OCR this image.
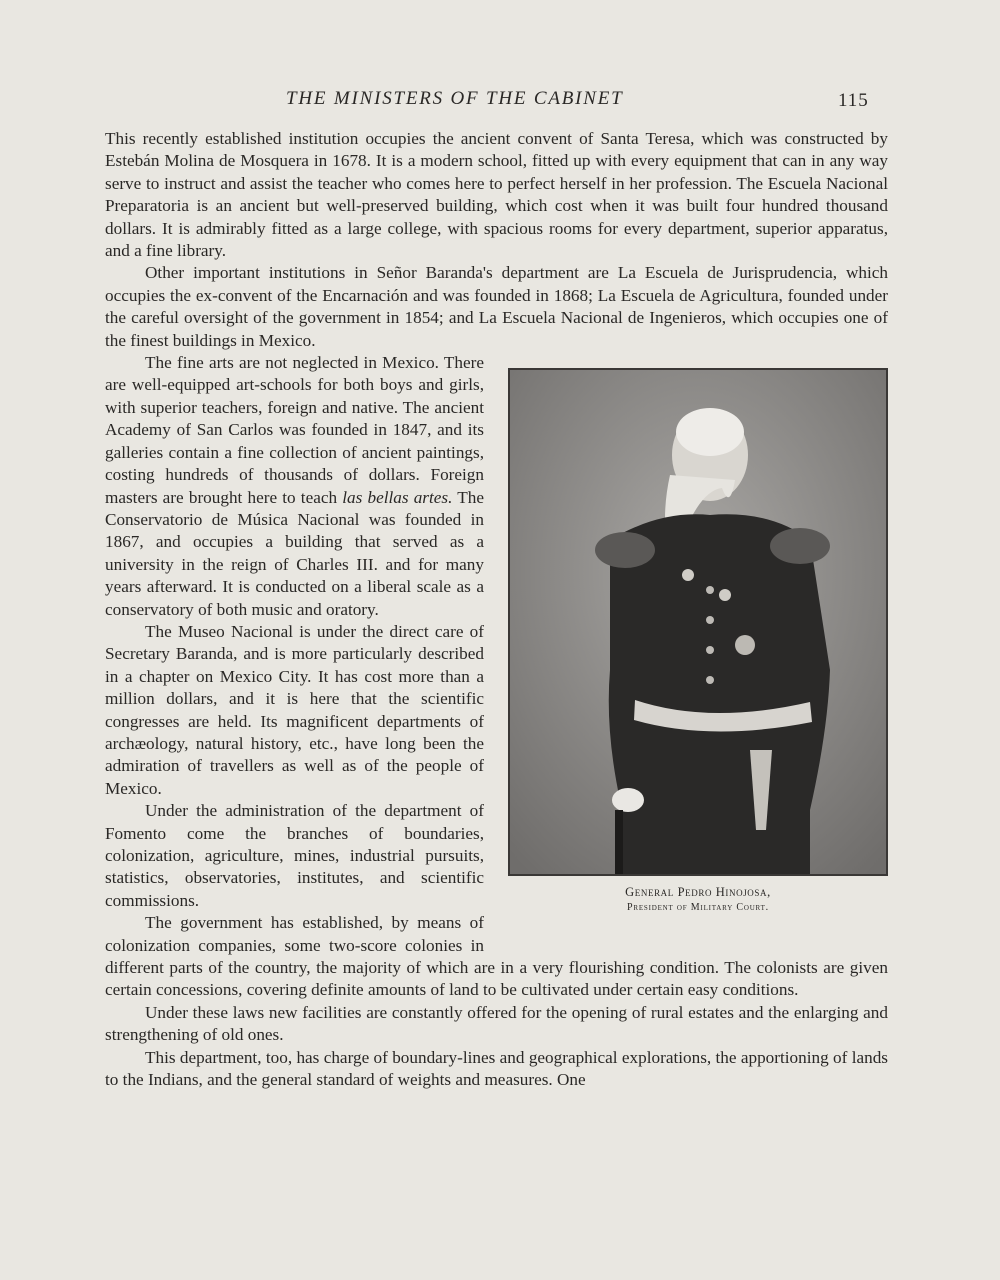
THE MINISTERS OF THE CABINET	115

This recently established institution occupies the ancient convent of Santa Teresa, which was constructed by Estebán Molina de Mosquera in 1678. It is a modern school, fitted up with every equipment that can in any way serve to instruct and assist the teacher who comes here to perfect herself in her profession. The Escuela Nacional Preparatoria is an ancient but well-preserved building, which cost when it was built four hundred thousand dollars. It is admirably fitted as a large college, with spacious rooms for every department, superior apparatus, and a fine library.

Other important institutions in Señor Baranda's department are La Escuela de Jurisprudencia, which occupies the ex-convent of the Encarnación and was founded in 1868; La Escuela de Agricultura, founded under the careful oversight of the government in 1854; and La Escuela Nacional de Ingenieros, which occupies one of the finest buildings in Mexico.

General Pedro Hinojosa,
President of Military Court.

The fine arts are not neglected in Mexico. There are well-equipped art-schools for both boys and girls, with superior teachers, foreign and native. The ancient Academy of San Carlos was founded in 1847, and its galleries contain a fine collection of ancient paintings, costing hundreds of thousands of dollars. Foreign masters are brought here to teach las bellas artes. The Conservatorio de Música Nacional was founded in 1867, and occupies a building that served as a university in the reign of Charles III. and for many years afterward. It is conducted on a liberal scale as a conservatory of both music and oratory.

The Museo Nacional is under the direct care of Secretary Baranda, and is more particularly described in a chapter on Mexico City. It has cost more than a million dollars, and it is here that the scientific congresses are held. Its magnificent departments of archæology, natural history, etc., have long been the admiration of travellers as well as of the people of Mexico.

Under the administration of the department of Fomento come the branches of boundaries, colonization, agriculture, mines, industrial pursuits, statistics, observatories, institutes, and scientific commissions.

The government has established, by means of colonization companies, some two-score colonies in different parts of the country, the majority of which are in a very flourishing condition. The colonists are given certain concessions, covering definite amounts of land to be cultivated under certain easy conditions.

Under these laws new facilities are constantly offered for the opening of rural estates and the enlarging and strengthening of old ones.

This department, too, has charge of boundary-lines and geographical explorations, the apportioning of lands to the Indians, and the general standard of weights and measures. One
